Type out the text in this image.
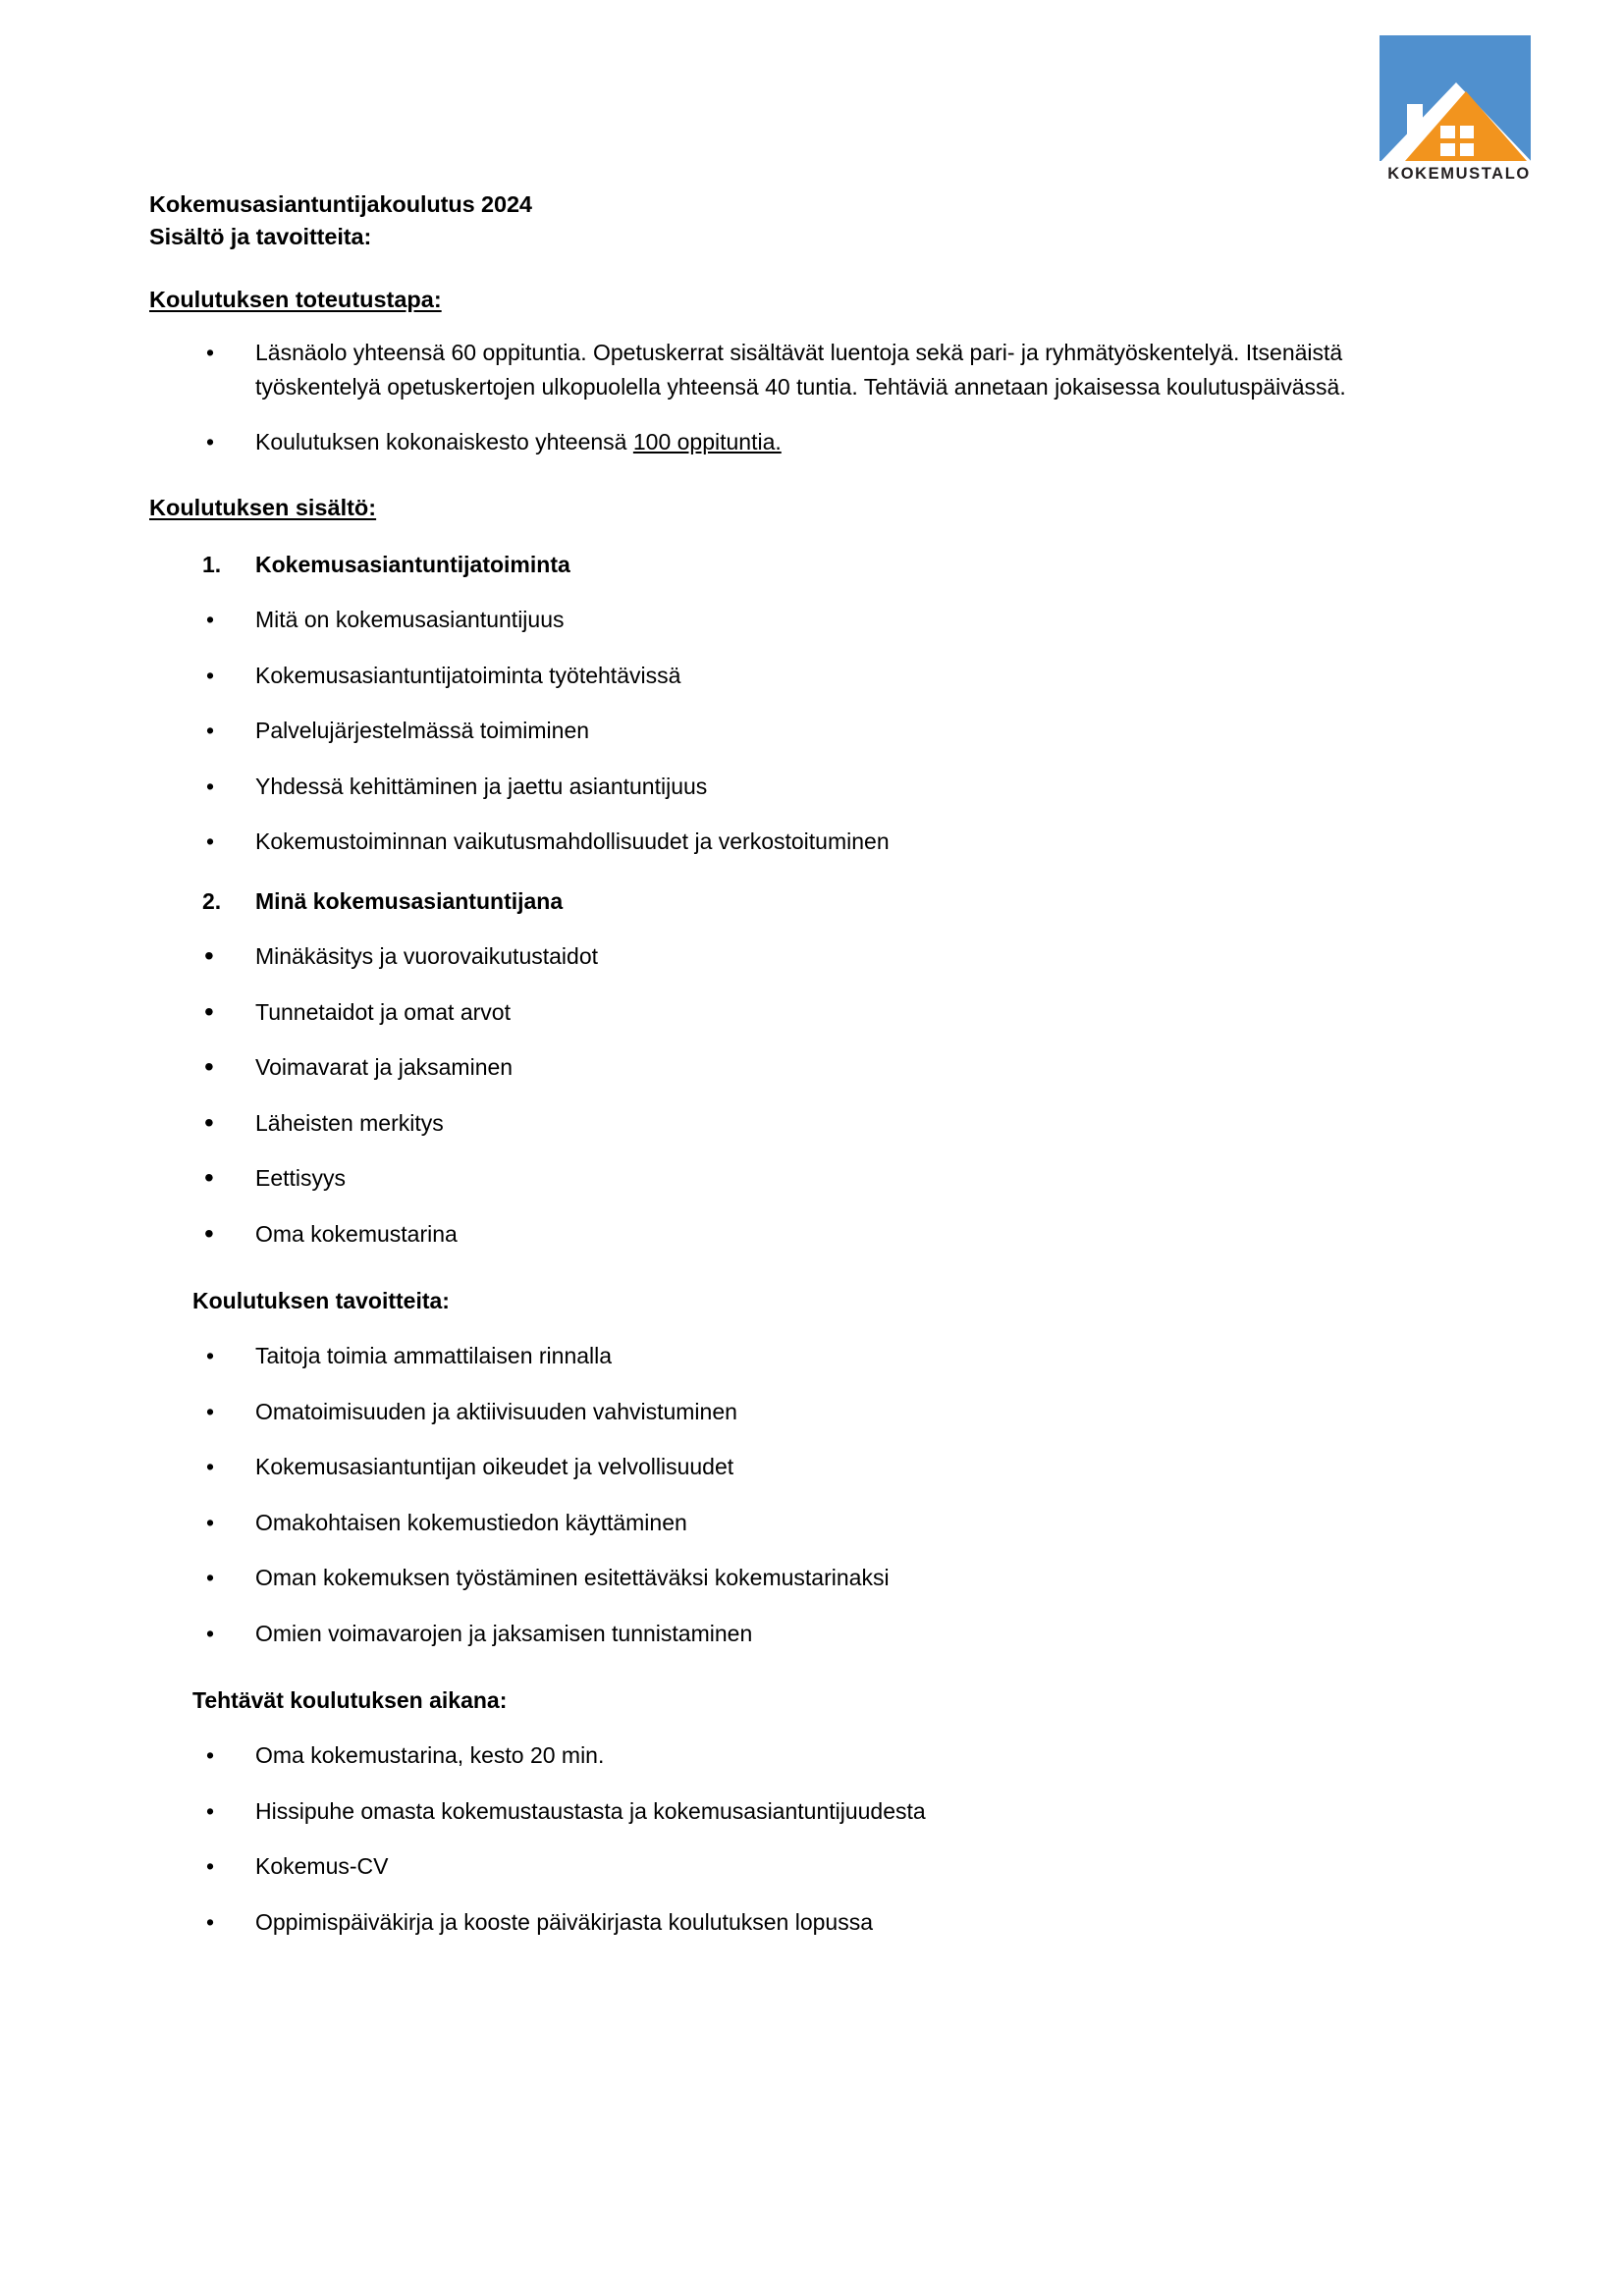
KOKEMUSTALO
Kokemusasiantuntijakoulutus 2024
Sisältö ja tavoitteita:
Koulutuksen toteutustapa:
• Läsnäolo yhteensä 60 oppituntia. Opetuskerrat sisältävät luentoja sekä pari- ja ryhmätyöskentelyä. Itsenäistä työskentelyä opetuskertojen ulkopuolella yhteensä 40 tuntia. Tehtäviä annetaan jokaisessa koulutuspäivässä.
• Koulutuksen kokonaiskesto yhteensä 100 oppituntia.
Koulutuksen sisältö:
1. Kokemusasiantuntijatoiminta
• Mitä on kokemusasiantuntijuus
• Kokemusasiantuntijatoiminta työtehtävissä
• Palvelujärjestelmässä toimiminen
• Yhdessä kehittäminen ja jaettu asiantuntijuus
• Kokemustoiminnan vaikutusmahdollisuudet ja verkostoituminen
2. Minä kokemusasiantuntijana
• Minäkäsitys ja vuorovaikutustaidot
• Tunnetaidot ja omat arvot
• Voimavarat ja jaksaminen
• Läheisten merkitys
• Eettisyys
• Oma kokemustarina
Koulutuksen tavoitteita:
• Taitoja toimia ammattilaisen rinnalla
• Omatoimisuuden ja aktiivisuuden vahvistuminen
• Kokemusasiantuntijan oikeudet ja velvollisuudet
• Omakohtaisen kokemustiedon käyttäminen
• Oman kokemuksen työstäminen esitettäväksi kokemustarinaksi
• Omien voimavarojen ja jaksamisen tunnistaminen
Tehtävät koulutuksen aikana:
• Oma kokemustarina, kesto 20 min.
• Hissipuhe omasta kokemustaustasta ja kokemusasiantuntijuudesta
• Kokemus-CV
• Oppimispäiväkirja ja kooste päiväkirjasta koulutuksen lopussa
